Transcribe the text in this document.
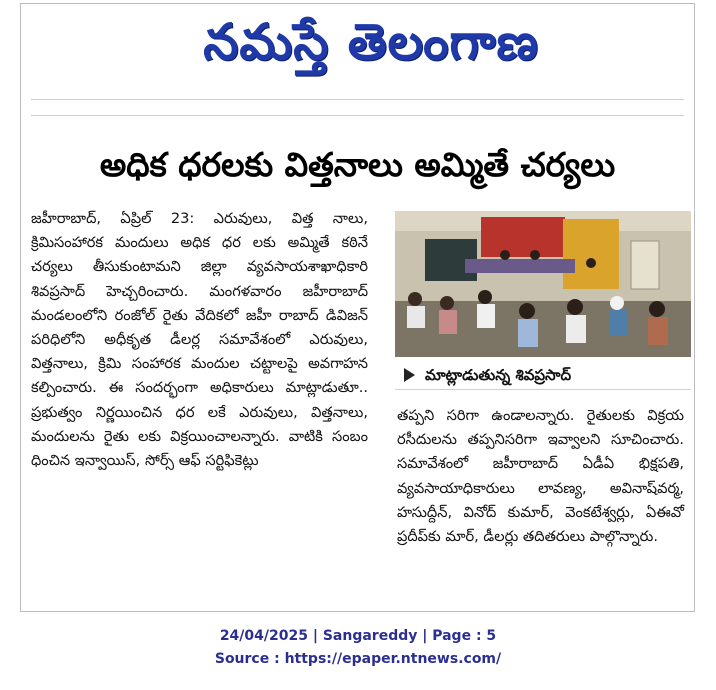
నమస్తే తెలంగాణ
అధిక ధరలకు విత్తనాలు అమ్మితే చర్యలు

జహీరాబాద్, ఏప్రిల్ 23: ఎరువులు, విత్త నాలు, క్రిమిసంహారక మందులు అధిక ధర లకు అమ్మితే కఠినే చర్యలు తీసుకుంటామని జిల్లా వ్యవసాయశాఖాధికారి శివప్రసాద్ హెచ్చరించారు. మంగళవారం జహీరాబాద్ మండలంలోని రంజోల్ రైతు వేదికలో జహీ రాబాద్ డివిజన్ పరిధిలోని అధీకృత డీలర్ల సమావేశంలో ఎరువులు, విత్తనాలు, క్రిమి సంహారక మందుల చట్టాలపై అవగాహన కల్పించారు. ఈ సందర్భంగా అధికారులు మాట్లాడుతూ.. ప్రభుత్వం నిర్ణయించిన ధర లకే ఎరువులు, విత్తనాలు, మందులను రైతు లకు విక్రయించాలన్నారు. వాటికి సంబం ధించిన ఇన్వాయిస్, సోర్స్ ఆఫ్ సర్టిఫికెట్లు

మాట్లాడుతున్న శివప్రసాద్

తప్పని సరిగా ఉండాలన్నారు. రైతులకు విక్రయ రసీదులను తప్పనిసరిగా ఇవ్వాలని సూచించారు. సమావేశంలో జహీరాబాద్ ఏడీఏ భిక్షపతి, వ్యవసాయాధికారులు లావణ్య, అవినాష్‌వర్మ, హసుద్దీన్, వినోద్ కుమార్, వెంకటేశ్వర్లు, ఏఈవో ప్రదీప్‌కు మార్, డీలర్లు తదితరులు పాల్గొన్నారు.

24/04/2025 | Sangareddy | Page : 5
Source : https://epaper.ntnews.com/
